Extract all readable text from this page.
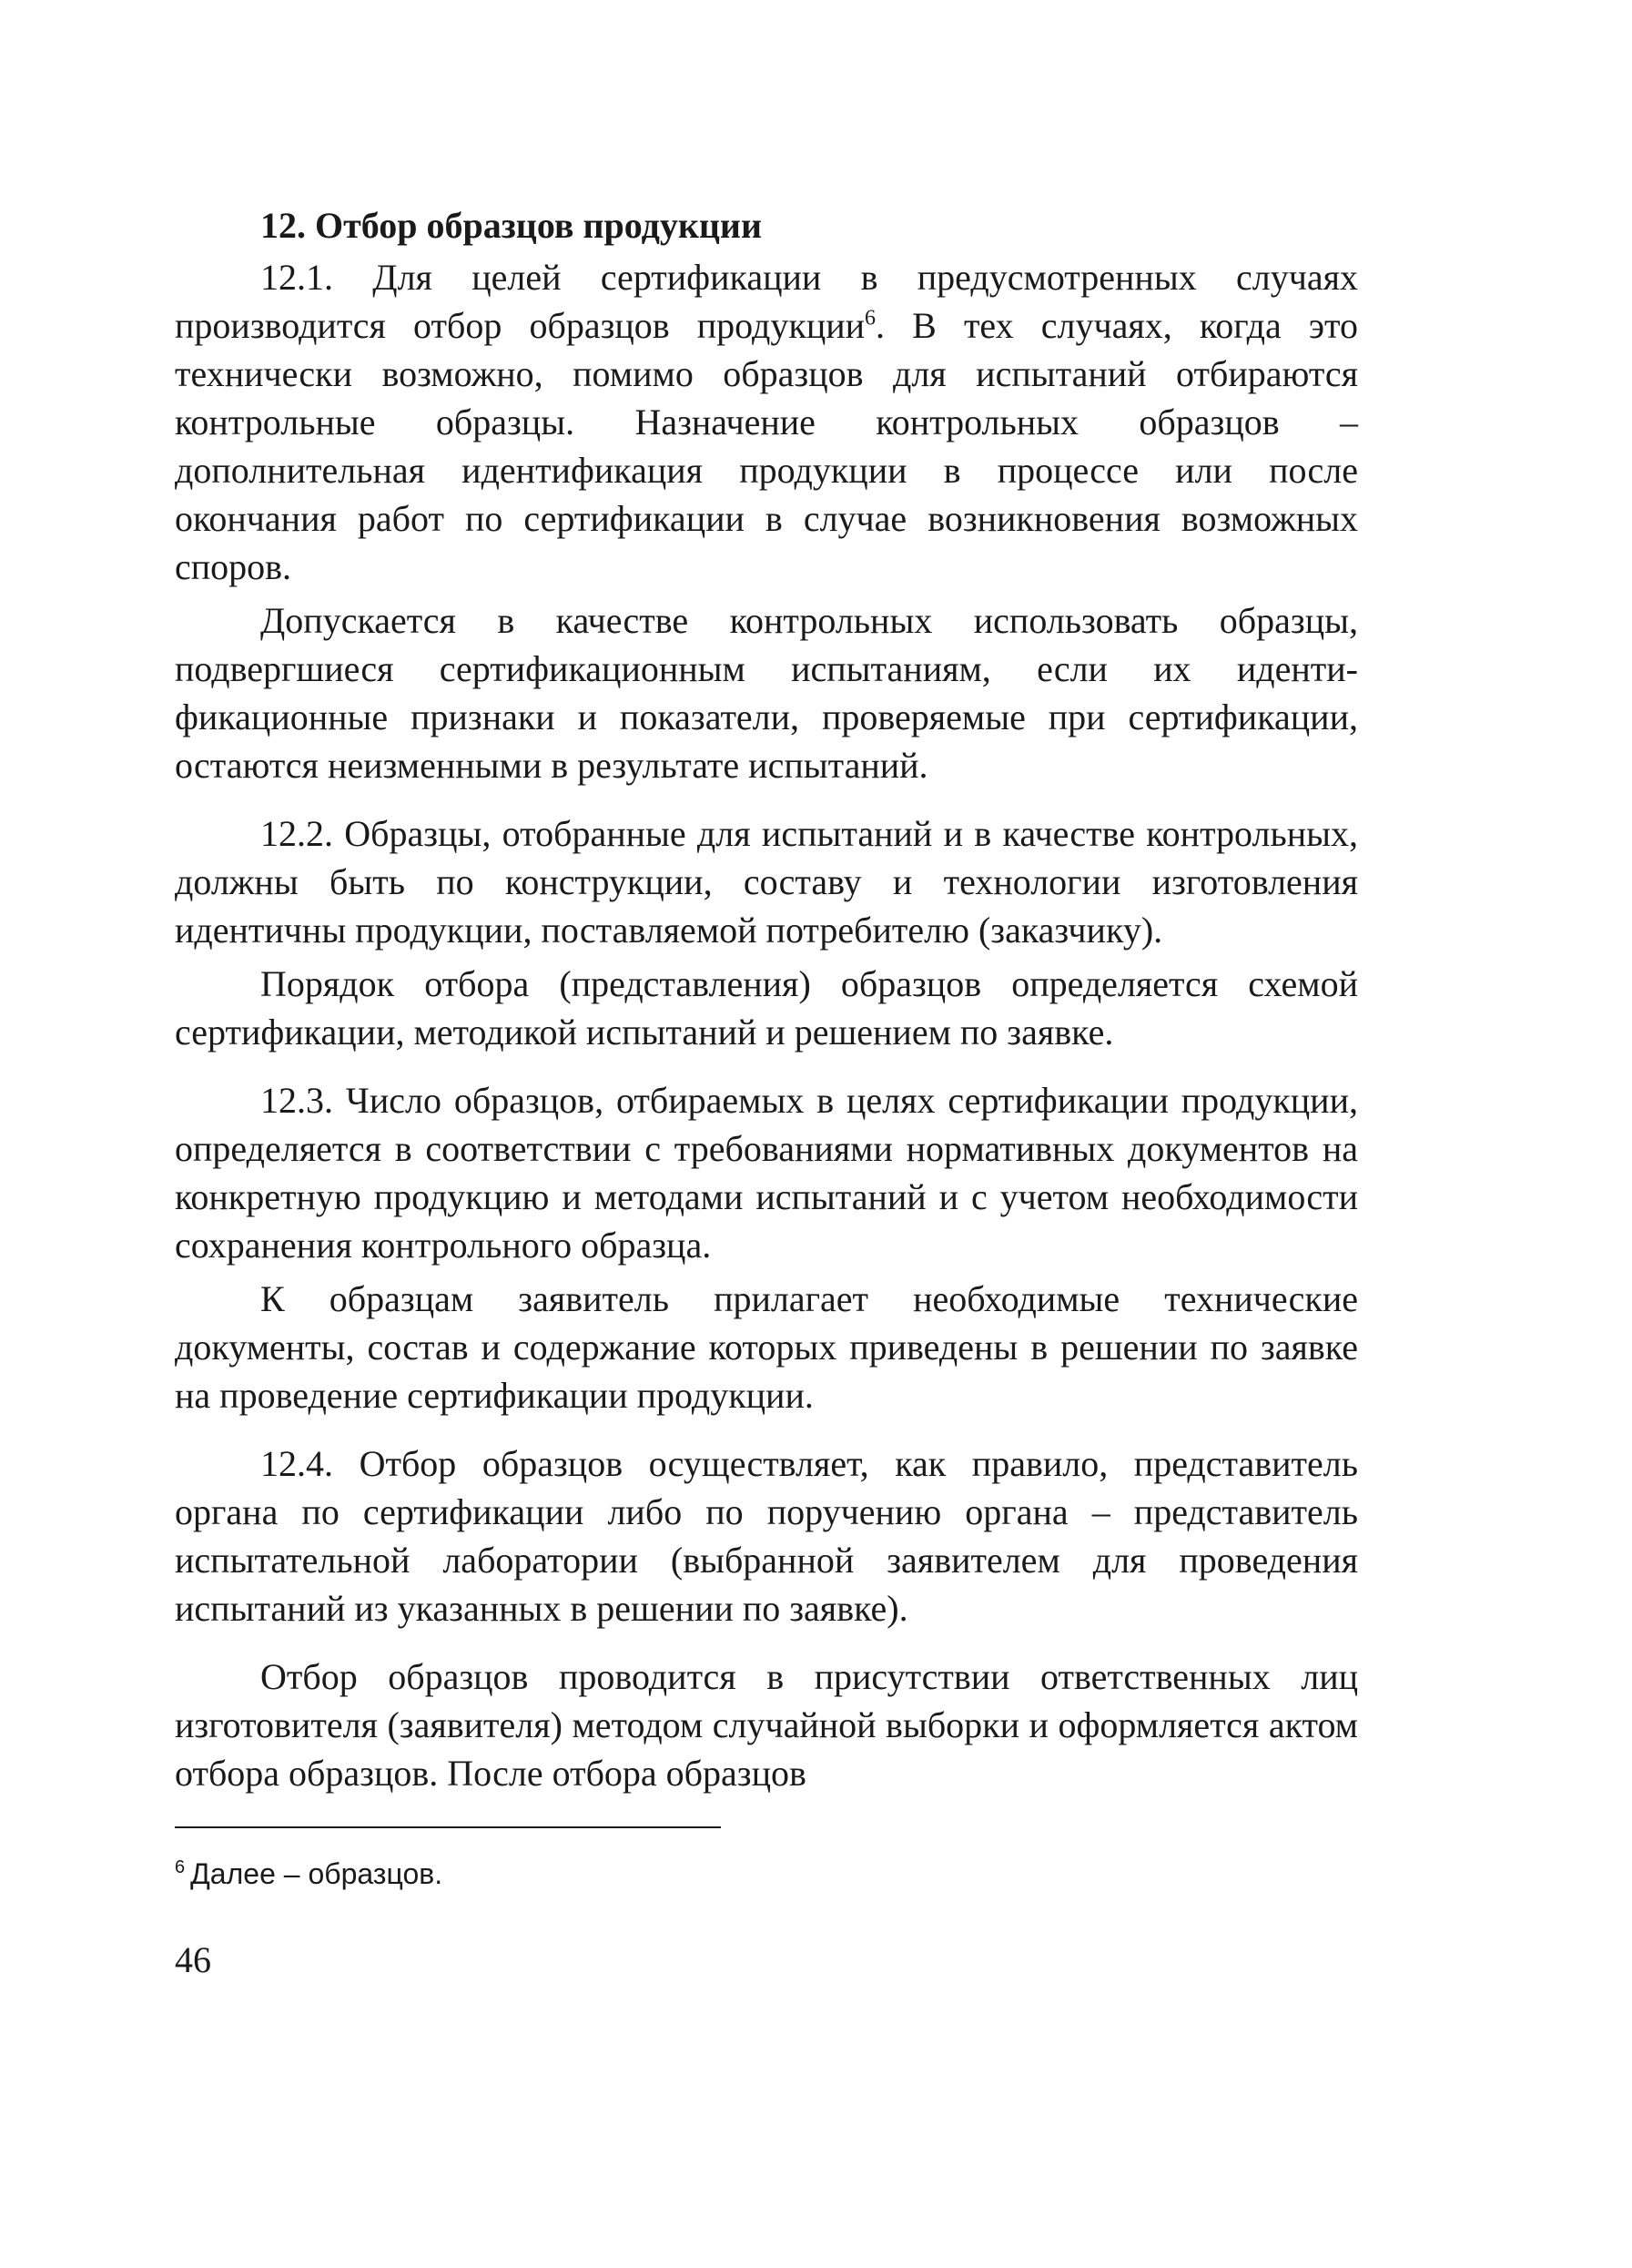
12. Отбор образцов продукции

12.1. Для целей сертификации в предусмотренных случаях производится отбор образцов продукции$^6$. В тех случаях, когда это технически возможно, помимо образцов для испытаний отбираются контрольные образцы. Назначение контрольных образцов – дополнительная идентификация продукции в процессе или после окончания работ по сертификации в случае возникновения возможных споров.

Допускается в качестве контрольных использовать образцы, подвергшиеся сертификационным испытаниям, если их идентификационные признаки и показатели, проверяемые при сертификации, остаются неизменными в результате испытаний.

12.2. Образцы, отобранные для испытаний и в качестве контрольных, должны быть по конструкции, составу и технологии изготовления идентичны продукции, поставляемой потребителю (заказчику).

Порядок отбора (представления) образцов определяется схемой сертификации, методикой испытаний и решением по заявке.

12.3. Число образцов, отбираемых в целях сертификации продукции, определяется в соответствии с требованиями нормативных документов на конкретную продукцию и методами испытаний и с учетом необходимости сохранения контрольного образца.

К образцам заявитель прилагает необходимые технические документы, состав и содержание которых приведены в решении по заявке на проведение сертификации продукции.

12.4. Отбор образцов осуществляет, как правило, представитель органа по сертификации либо по поручению органа – представитель испытательной лаборатории (выбранной заявителем для проведения испытаний из указанных в решении по заявке).

Отбор образцов проводится в присутствии ответственных лиц изготовителя (заявителя) методом случайной выборки и оформляется актом отбора образцов. После отбора образцов

$^6$ Далее – образцов.
46
